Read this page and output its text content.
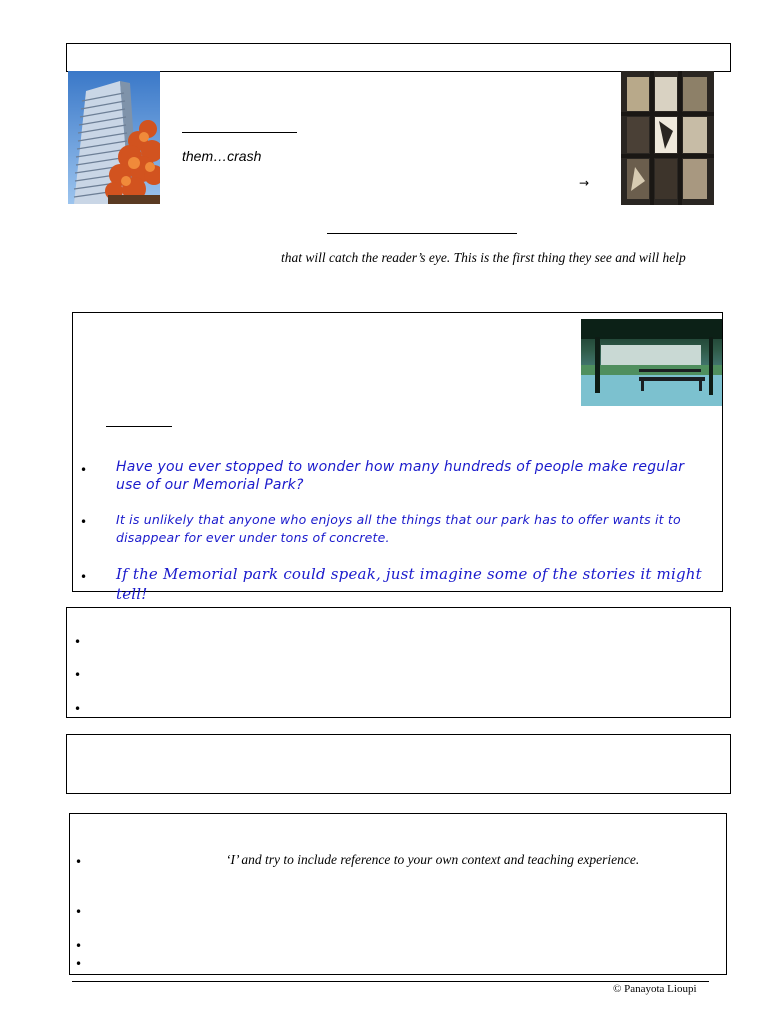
them…crash
→
that will catch the reader’s eye. This is the first thing they see and will help
• Have you ever stopped to wonder how many hundreds of people make regular use of our Memorial Park?
• It is unlikely that anyone who enjoys all the things that our park has to offer wants it to disappear for ever under tons of concrete.
• If the Memorial park could speak, just imagine some of the stories it might tell!
•
•
•
•	‘I’ and try to include reference to your own context and teaching experience.
•
•
•
© Panayota Lioupi
